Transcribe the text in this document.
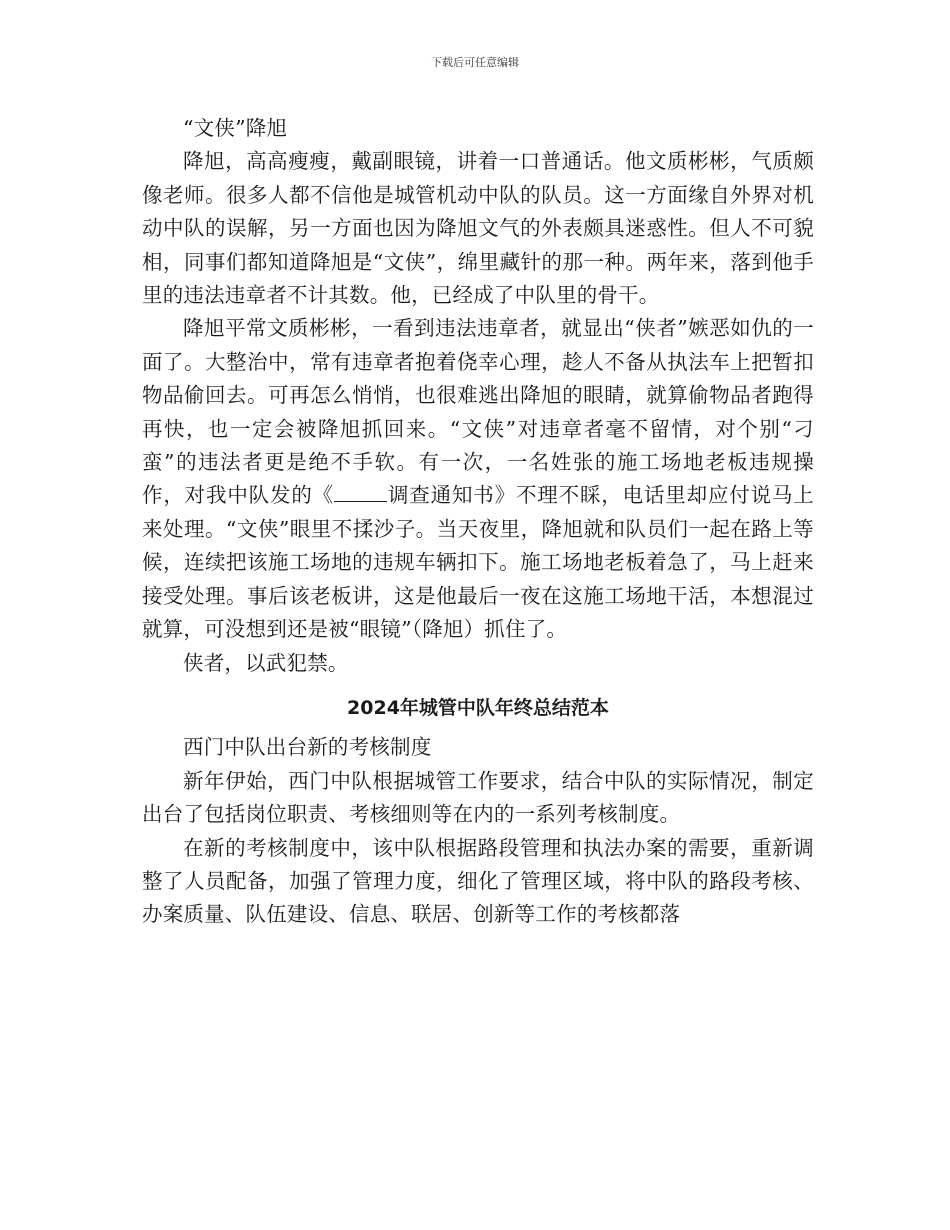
下载后可任意编辑

“文侠”降旭

降旭，高高瘦瘦，戴副眼镜，讲着一口普通话。他文质彬彬，气质颇像老师。很多人都不信他是城管机动中队的队员。这一方面缘自外界对机动中队的误解，另一方面也因为降旭文气的外表颇具迷惑性。但人不可貌相，同事们都知道降旭是“文侠”，绵里藏针的那一种。两年来，落到他手里的违法违章者不计其数。他，已经成了中队里的骨干。

降旭平常文质彬彬，一看到违法违章者，就显出“侠者”嫉恶如仇的一面了。大整治中，常有违章者抱着侥幸心理，趁人不备从执法车上把暂扣物品偷回去。可再怎么悄悄，也很难逃出降旭的眼睛，就算偷物品者跑得再快，也一定会被降旭抓回来。“文侠”对违章者毫不留情，对个别“刁蛮”的违法者更是绝不手软。有一次，一名姓张的施工场地老板违规操作，对我中队发的《	调查通知书》不理不睬，电话里却应付说马上来处理。“文侠”眼里不揉沙子。当天夜里，降旭就和队员们一起在路上等候，连续把该施工场地的违规车辆扣下。施工场地老板着急了，马上赶来接受处理。事后该老板讲，这是他最后一夜在这施工场地干活，本想混过就算，可没想到还是被“眼镜”（降旭）抓住了。

侠者，以武犯禁。

2024年城管中队年终总结范本

西门中队出台新的考核制度

新年伊始，西门中队根据城管工作要求，结合中队的实际情况，制定出台了包括岗位职责、考核细则等在内的一系列考核制度。

在新的考核制度中，该中队根据路段管理和执法办案的需要，重新调整了人员配备，加强了管理力度，细化了管理区域，将中队的路段考核、办案质量、队伍建设、信息、联居、创新等工作的考核都落
